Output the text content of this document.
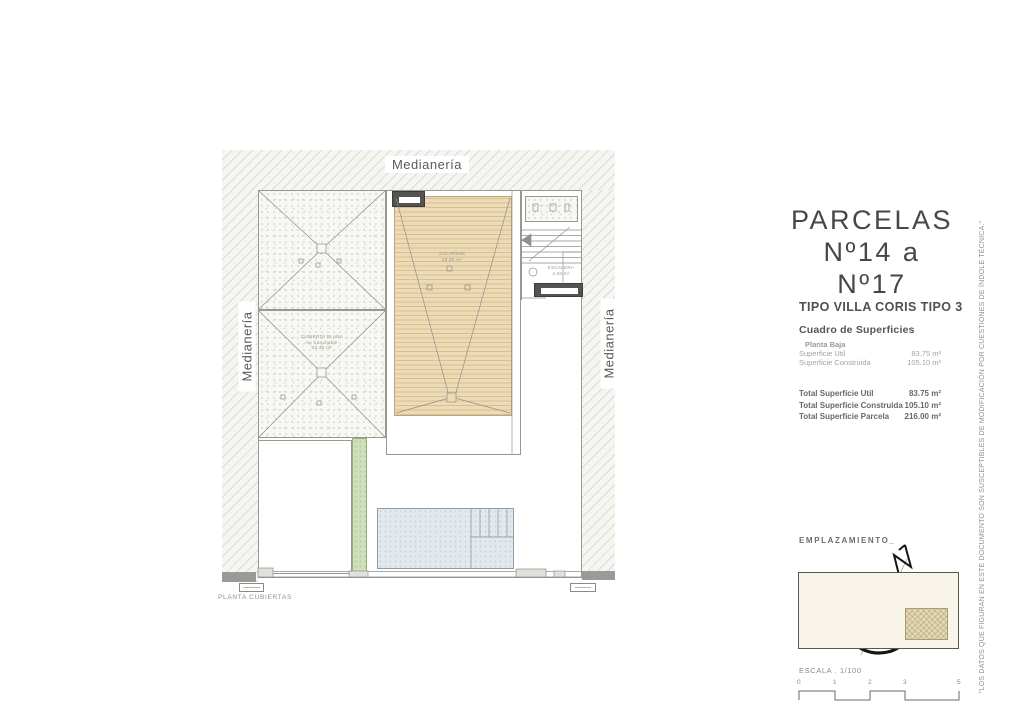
Medianería
Medianería	Medianería
SOLARIUM
29.00 m²
CUBIERTA PLANA
-no transitable-
32.45 m²
ESCALERA
4.50 m²
PLANTA CUBIERTAS
PARCELAS
Nº14 a Nº17
TIPO VILLA CORIS TIPO 3
Cuadro de Superficies
Planta Baja
Superficie Util	83.75 m²
Superficie Construida	105.10 m²
Total Superficie Util	83.75 m²
Total Superficie Construida 105.10 m²
Total Superficie Parcela 216.00 m²
EMPLAZAMIENTO_
ESCALA . 1/100
0	1	2	3	5	"LOS DATOS QUE FIGURAN EN ESTE DOCUMENTO SON SUSCEPTIBLES DE MODIFICACIÓN POR CUESTIONES DE ÍNDOLE TÉCNICA."
